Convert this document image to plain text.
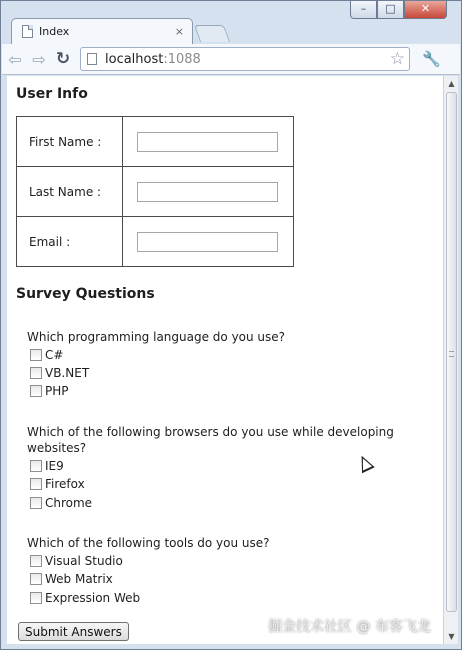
–	□	✕
Index	×
⇦ ⇨ ↻	localhost :1088	☆ 🔧
User Info
First Name :	

Last Name :	

Email :	
Survey Questions
Which programming language do you use?
C#
VB.NET
PHP
Which of the following browsers do you use while developing websites?
IE9
Firefox
Chrome
Which of the following tools do you use?
Visual Studio
Web Matrix
Expression Web
Submit Answers
▲
▼
掘金技术社区 @ 布客飞龙
